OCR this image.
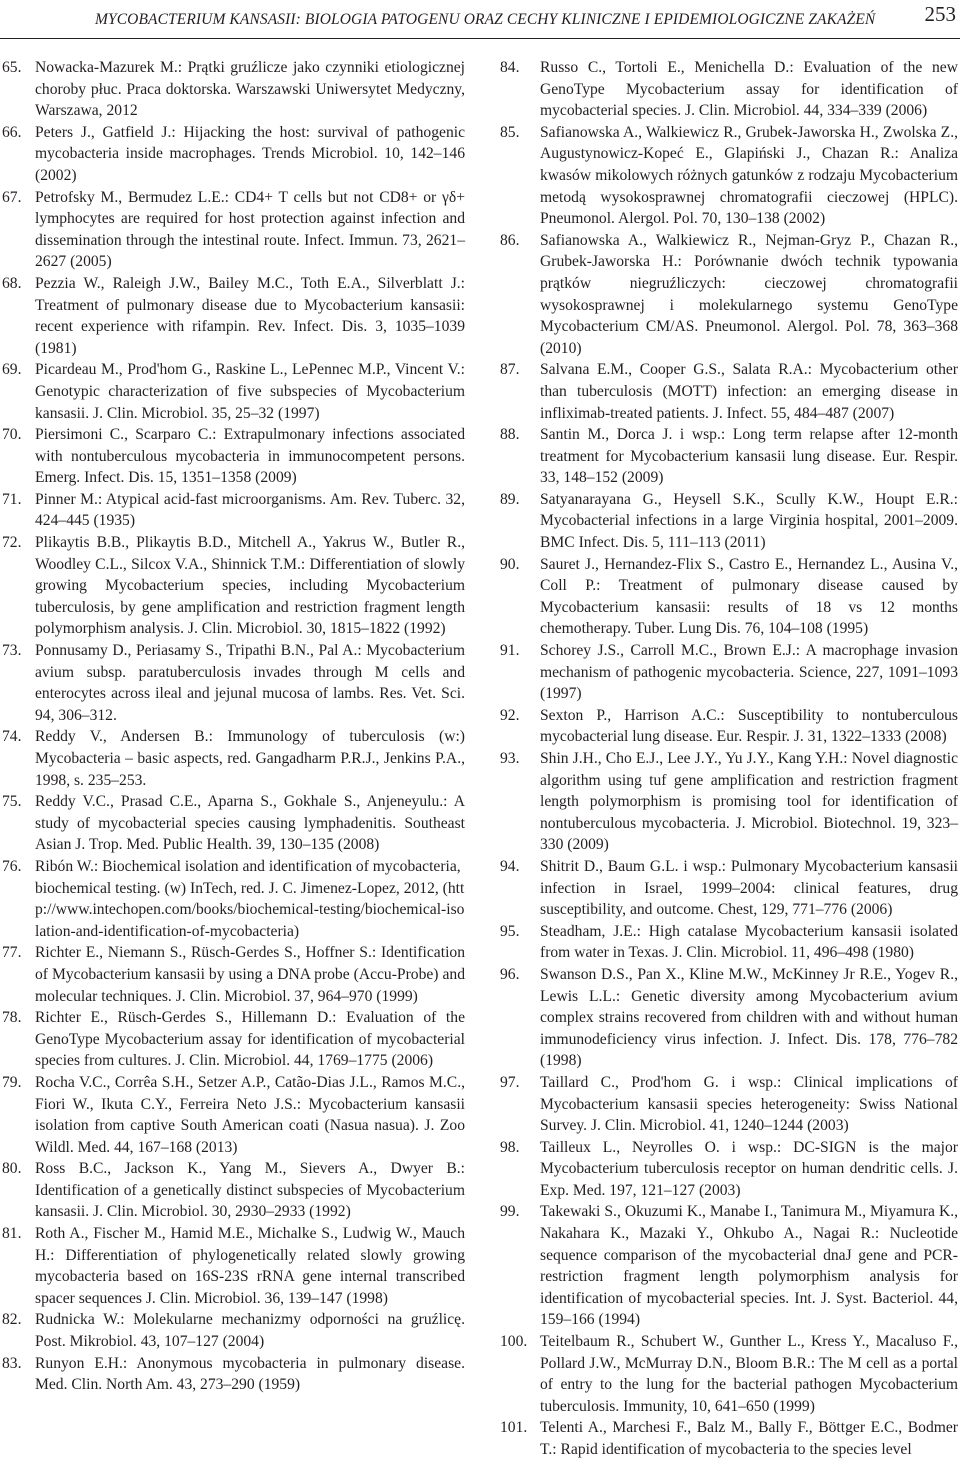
MYCOBACTERIUM KANSASII: BIOLOGIA PATOGENU ORAZ CECHY KLINICZNE I EPIDEMIOLOGICZNE ZAKAŻEŃ 253
65. Nowacka-Mazurek M.: Prątki gruźlicze jako czynniki etiologicznej choroby płuc. Praca doktorska. Warszawski Uniwersytet Medyczny, Warszawa, 2012
66. Peters J., Gatfield J.: Hijacking the host: survival of pathogenic mycobacteria inside macrophages. Trends Microbiol. 10, 142–146 (2002)
67. Petrofsky M., Bermudez L.E.: CD4+ T cells but not CD8+ or γδ+ lymphocytes are required for host protection against infection and dissemination through the intestinal route. Infect. Immun. 73, 2621–2627 (2005)
68. Pezzia W., Raleigh J.W., Bailey M.C., Toth E.A., Silverblatt J.: Treatment of pulmonary disease due to Mycobacterium kansasii: recent experience with rifampin. Rev. Infect. Dis. 3, 1035–1039 (1981)
69. Picardeau M., Prod'hom G., Raskine L., LePennec M.P., Vincent V.: Genotypic characterization of five subspecies of Mycobacterium kansasii. J. Clin. Microbiol. 35, 25–32 (1997)
70. Piersimoni C., Scarparo C.: Extrapulmonary infections associated with nontuberculous mycobacteria in immunocompetent persons. Emerg. Infect. Dis. 15, 1351–1358 (2009)
71. Pinner M.: Atypical acid-fast microorganisms. Am. Rev. Tuberc. 32, 424–445 (1935)
72. Plikaytis B.B., Plikaytis B.D., Mitchell A., Yakrus W., Butler R., Woodley C.L., Silcox V.A., Shinnick T.M.: Differentiation of slowly growing Mycobacterium species, including Mycobacterium tuberculosis, by gene amplification and restriction fragment length polymorphism analysis. J. Clin. Microbiol. 30, 1815–1822 (1992)
73. Ponnusamy D., Periasamy S., Tripathi B.N., Pal A.: Mycobacterium avium subsp. paratuberculosis invades through M cells and enterocytes across ileal and jejunal mucosa of lambs. Res. Vet. Sci. 94, 306–312.
74. Reddy V., Andersen B.: Immunology of tuberculosis (w:) Mycobacteria – basic aspects, red. Gangadharm P.R.J., Jenkins P.A., 1998, s. 235–253.
75. Reddy V.C., Prasad C.E., Aparna S., Gokhale S., Anjeneyulu.: A study of mycobacterial species causing lymphadenitis. Southeast Asian J. Trop. Med. Public Health. 39, 130–135 (2008)
76. Ribón W.: Biochemical isolation and identification of mycobacteria, biochemical testing. (w) InTech, red. J. C. Jimenez-Lopez, 2012, (http://www.intechopen.com/books/biochemical-testing/biochemical-isolation-and-identification-of-mycobacteria)
77. Richter E., Niemann S., Rüsch-Gerdes S., Hoffner S.: Identification of Mycobacterium kansasii by using a DNA probe (Accu-Probe) and molecular techniques. J. Clin. Microbiol. 37, 964–970 (1999)
78. Richter E., Rüsch-Gerdes S., Hillemann D.: Evaluation of the GenoType Mycobacterium assay for identification of mycobacterial species from cultures. J. Clin. Microbiol. 44, 1769–1775 (2006)
79. Rocha V.C., Corrêa S.H., Setzer A.P., Catão-Dias J.L., Ramos M.C., Fiori W., Ikuta C.Y., Ferreira Neto J.S.: Mycobacterium kansasii isolation from captive South American coati (Nasua nasua). J. Zoo Wildl. Med. 44, 167–168 (2013)
80. Ross B.C., Jackson K., Yang M., Sievers A., Dwyer B.: Identification of a genetically distinct subspecies of Mycobacterium kansasii. J. Clin. Microbiol. 30, 2930–2933 (1992)
81. Roth A., Fischer M., Hamid M.E., Michalke S., Ludwig W., Mauch H.: Differentiation of phylogenetically related slowly growing mycobacteria based on 16S-23S rRNA gene internal transcribed spacer sequences J. Clin. Microbiol. 36, 139–147 (1998)
82. Rudnicka W.: Molekularne mechanizmy odporności na gruźlicę. Post. Mikrobiol. 43, 107–127 (2004)
83. Runyon E.H.: Anonymous mycobacteria in pulmonary disease. Med. Clin. North Am. 43, 273–290 (1959)
84.	Russo C., Tortoli E., Menichella D.: Evaluation of the new GenoType Mycobacterium assay for identification of mycobacterial species. J. Clin. Microbiol. 44, 334–339 (2006)
85.	Safianowska A., Walkiewicz R., Grubek-Jaworska H., Zwolska Z., Augustynowicz-Kopeć E., Glapiński J., Chazan R.: Analiza kwasów mikolowych różnych gatunków z rodzaju Mycobacterium metodą wysokosprawnej chromatografii cieczowej (HPLC). Pneumonol. Alergol. Pol. 70, 130–138 (2002)
86.	Safianowska A., Walkiewicz R., Nejman-Gryz P., Chazan R., Grubek-Jaworska H.: Porównanie dwóch technik typowania prątków niegruźliczych: cieczowej chromatografii wysokosprawnej i molekularnego systemu GenoType Mycobacterium CM/AS. Pneumonol. Alergol. Pol. 78, 363–368 (2010)
87.	Salvana E.M., Cooper G.S., Salata R.A.: Mycobacterium other than tuberculosis (MOTT) infection: an emerging disease in infliximab-treated patients. J. Infect. 55, 484–487 (2007)
88.	Santin M., Dorca J. i wsp.: Long term relapse after 12-month treatment for Mycobacterium kansasii lung disease. Eur. Respir. 33, 148–152 (2009)
89.	Satyanarayana G., Heysell S.K., Scully K.W., Houpt E.R.: Mycobacterial infections in a large Virginia hospital, 2001–2009. BMC Infect. Dis. 5, 111–113 (2011)
90.	Sauret J., Hernandez-Flix S., Castro E., Hernandez L., Ausina V., Coll P.: Treatment of pulmonary disease caused by Mycobacterium kansasii: results of 18 vs 12 months chemotherapy. Tuber. Lung Dis. 76, 104–108 (1995)
91.	Schorey J.S., Carroll M.C., Brown E.J.: A macrophage invasion mechanism of pathogenic mycobacteria. Science, 227, 1091–1093 (1997)
92.	Sexton P., Harrison A.C.: Susceptibility to nontuberculous mycobacterial lung disease. Eur. Respir. J. 31, 1322–1333 (2008)
93.	Shin J.H., Cho E.J., Lee J.Y., Yu J.Y., Kang Y.H.: Novel diagnostic algorithm using tuf gene amplification and restriction fragment length polymorphism is promising tool for identification of nontuberculous mycobacteria. J. Microbiol. Biotechnol. 19, 323–330 (2009)
94.	Shitrit D., Baum G.L. i wsp.: Pulmonary Mycobacterium kansasii infection in Israel, 1999–2004: clinical features, drug susceptibility, and outcome. Chest, 129, 771–776 (2006)
95.	Steadham, J.E.: High catalase Mycobacterium kansasii isolated from water in Texas. J. Clin. Microbiol. 11, 496–498 (1980)
96.	Swanson D.S., Pan X., Kline M.W., McKinney Jr R.E., Yogev R., Lewis L.L.: Genetic diversity among Mycobacterium avium complex strains recovered from children with and without human immunodeficiency virus infection. J. Infect. Dis. 178, 776–782 (1998)
97.	Taillard C., Prod'hom G. i wsp.: Clinical implications of Mycobacterium kansasii species heterogeneity: Swiss National Survey. J. Clin. Microbiol. 41, 1240–1244 (2003)
98.	Tailleux L., Neyrolles O. i wsp.: DC-SIGN is the major Mycobacterium tuberculosis receptor on human dendritic cells. J. Exp. Med. 197, 121–127 (2003)
99.	Takewaki S., Okuzumi K., Manabe I., Tanimura M., Miyamura K., Nakahara K., Mazaki Y., Ohkubo A., Nagai R.: Nucleotide sequence comparison of the mycobacterial dnaJ gene and PCR-restriction fragment length polymorphism analysis for identification of mycobacterial species. Int. J. Syst. Bacteriol. 44, 159–166 (1994)
100. Teitelbaum R., Schubert W., Gunther L., Kress Y., Macaluso F., Pollard J.W., McMurray D.N., Bloom B.R.: The M cell as a portal of entry to the lung for the bacterial pathogen Mycobacterium tuberculosis. Immunity, 10, 641–650 (1999)
101. Telenti A., Marchesi F., Balz M., Bally F., Böttger E.C., Bodmer T.: Rapid identification of mycobacteria to the species level
